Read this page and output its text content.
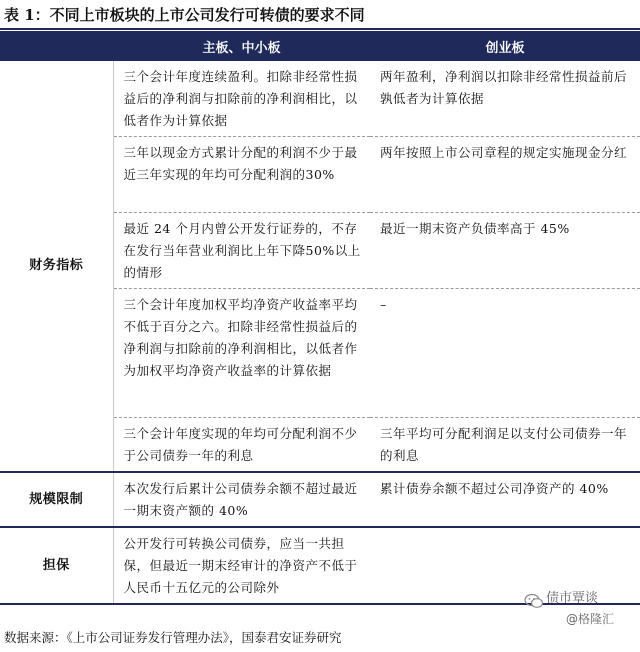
表 1：不同上市板块的上市公司发行可转债的要求不同
	主板、中小板	创业板
财务指标	三个会计年度连续盈利。扣除非经常性损益后的净利润与扣除前的净利润相比，以低者作为计算依据	两年盈利，净利润以扣除非经常性损益前后孰低者为计算依据
	三年以现金方式累计分配的利润不少于最近三年实现的年均可分配利润的30%	两年按照上市公司章程的规定实施现金分红
	最近 24 个月内曾公开发行证券的，不存在发行当年营业利润比上年下降50%以上的情形	最近一期末资产负债率高于 45%
	三个会计年度加权平均净资产收益率平均不低于百分之六。扣除非经常性损益后的净利润与扣除前的净利润相比，以低者作为加权平均净资产收益率的计算依据	–
	三个会计年度实现的年均可分配利润不少于公司债券一年的利息	三年平均可分配利润足以支付公司债券一年的利息
规模限制	本次发行后累计公司债券余额不超过最近一期末资产额的 40%	累计债券余额不超过公司净资产的 40%
担保	公开发行可转换公司债券，应当一共担保，但最近一期末经审计的净资产不低于人民币十五亿元的公司除外	
债市覃谈
@格隆汇
数据来源：《上市公司证券发行管理办法》，国泰君安证券研究
